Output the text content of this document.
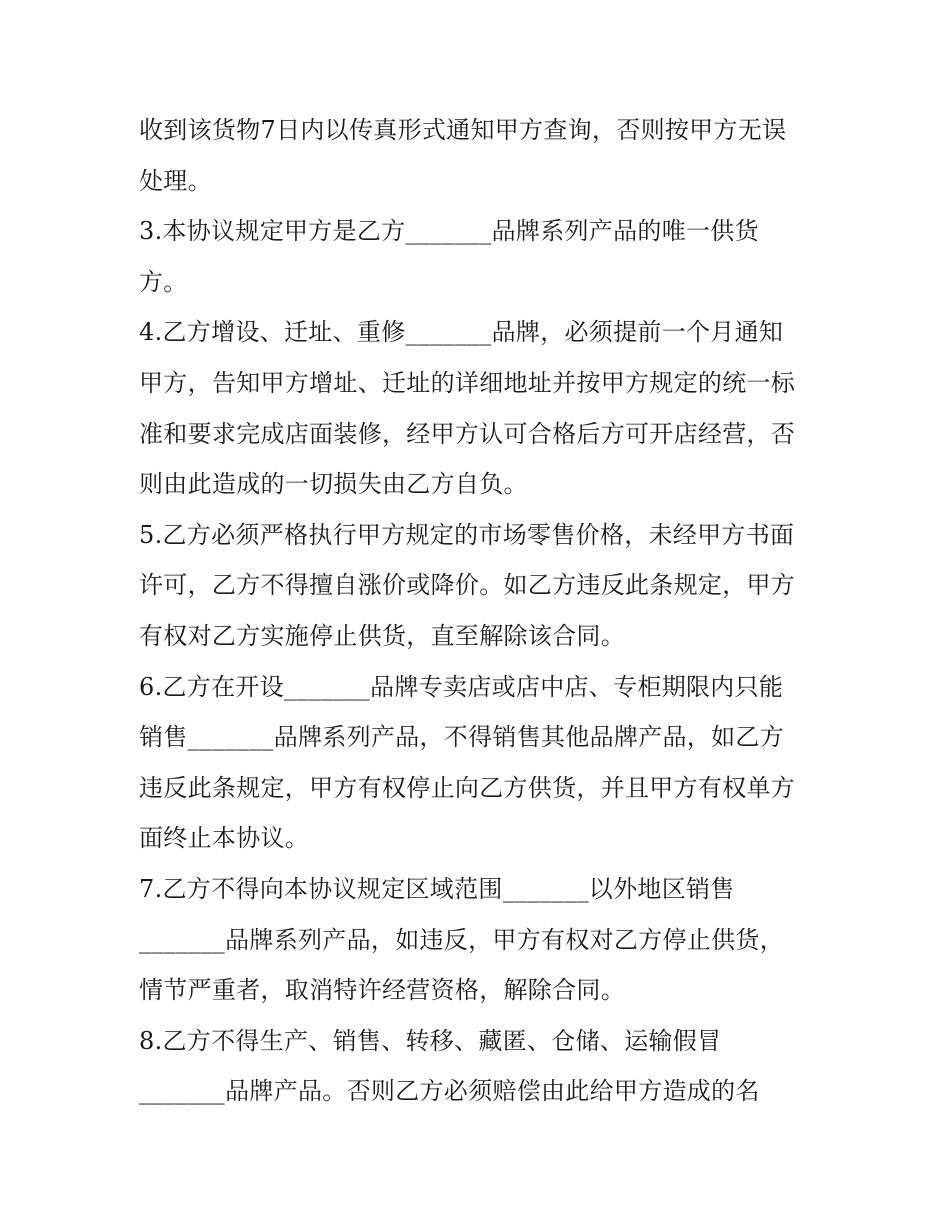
收到该货物7日内以传真形式通知甲方查询，否则按甲方无误
处理。
3.本协议规定甲方是乙方_______品牌系列产品的唯一供货
方。
4.乙方增设、迁址、重修_______品牌，必须提前一个月通知
甲方，告知甲方增址、迁址的详细地址并按甲方规定的统一标
准和要求完成店面装修，经甲方认可合格后方可开店经营，否
则由此造成的一切损失由乙方自负。
5.乙方必须严格执行甲方规定的市场零售价格，未经甲方书面
许可，乙方不得擅自涨价或降价。如乙方违反此条规定，甲方
有权对乙方实施停止供货，直至解除该合同。
6.乙方在开设_______品牌专卖店或店中店、专柜期限内只能
销售_______品牌系列产品，不得销售其他品牌产品，如乙方
违反此条规定，甲方有权停止向乙方供货，并且甲方有权单方
面终止本协议。
7.乙方不得向本协议规定区域范围_______以外地区销售
_______品牌系列产品，如违反，甲方有权对乙方停止供货，
情节严重者，取消特许经营资格，解除合同。
8.乙方不得生产、销售、转移、藏匿、仓储、运输假冒
_______品牌产品。否则乙方必须赔偿由此给甲方造成的名
